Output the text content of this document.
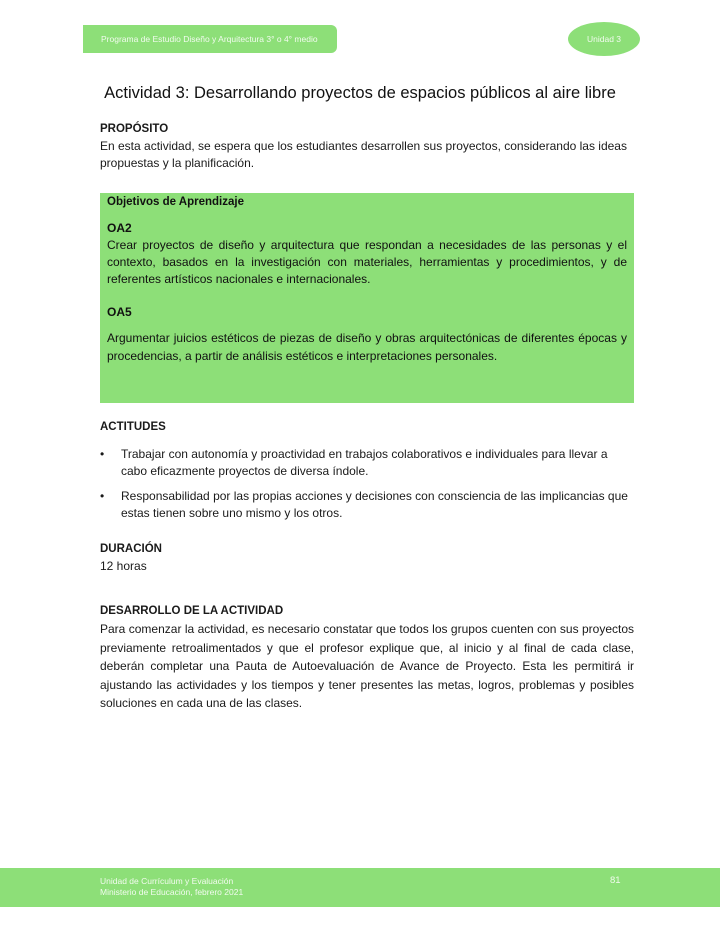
Programa de Estudio Diseño y Arquitectura 3° o 4° medio	Unidad 3
Actividad 3: Desarrollando proyectos de espacios públicos al aire libre
PROPÓSITO
En esta actividad, se espera que los estudiantes desarrollen sus proyectos, considerando las ideas propuestas y la planificación.
Objetivos de Aprendizaje
OA2
Crear proyectos de diseño y arquitectura que respondan a necesidades de las personas y el contexto, basados en la investigación con materiales, herramientas y procedimientos, y de referentes artísticos nacionales e internacionales.
OA5
Argumentar juicios estéticos de piezas de diseño y obras arquitectónicas de diferentes épocas y procedencias, a partir de análisis estéticos e interpretaciones personales.
ACTITUDES
• Trabajar con autonomía y proactividad en trabajos colaborativos e individuales para llevar a cabo eficazmente proyectos de diversa índole.
• Responsabilidad por las propias acciones y decisiones con consciencia de las implicancias que estas tienen sobre uno mismo y los otros.
DURACIÓN
12 horas
DESARROLLO DE LA ACTIVIDAD
Para comenzar la actividad, es necesario constatar que todos los grupos cuenten con sus proyectos previamente retroalimentados y que el profesor explique que, al inicio y al final de cada clase, deberán completar una Pauta de Autoevaluación de Avance de Proyecto. Esta les permitirá ir ajustando las actividades y los tiempos y tener presentes las metas, logros, problemas y posibles soluciones en cada una de las clases.
Unidad de Currículum y Evaluación
Ministerio de Educación, febrero 2021
81
